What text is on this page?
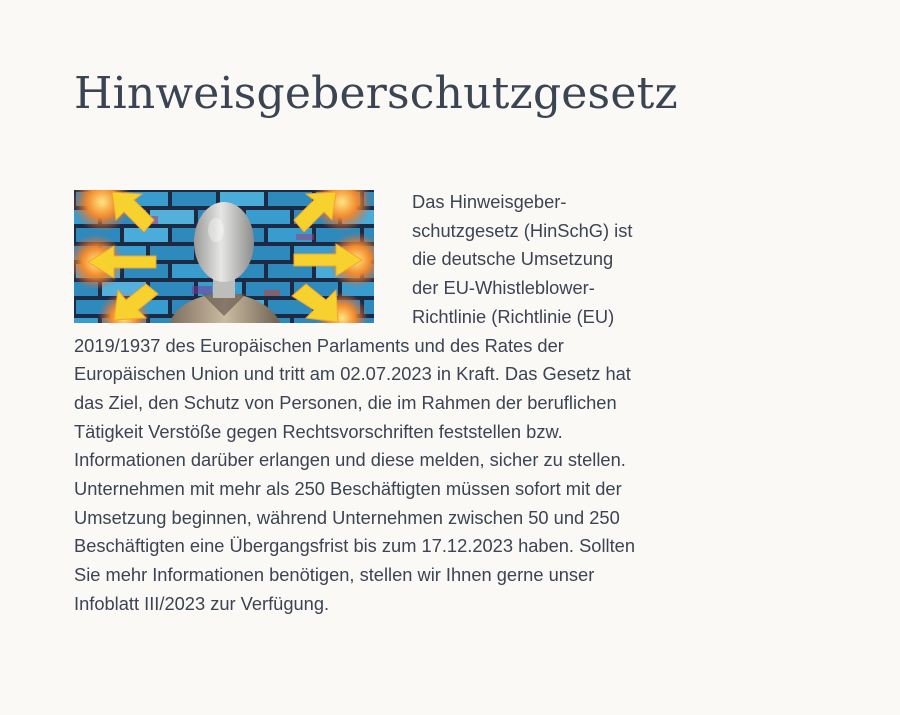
Hinweisgeberschutzgesetz
Das Hinweisgeberschutzgesetz (HinSchG) ist die deutsche Umsetzung der EU-Whistleblower-Richtlinie (Richtlinie (EU) 2019/1937 des Europäischen Parlaments und des Rates der Europäischen Union und tritt am 02.07.2023 in Kraft. Das Gesetz hat das Ziel, den Schutz von Personen, die im Rahmen der beruflichen Tätigkeit Verstöße gegen Rechtsvorschriften feststellen bzw. Informationen darüber erlangen und diese melden, sicher zu stellen. Unternehmen mit mehr als 250 Beschäftigten müssen sofort mit der Umsetzung beginnen, während Unternehmen zwischen 50 und 250 Beschäftigten eine Übergangsfrist bis zum 17.12.2023 haben. Sollten Sie mehr Informationen benötigen, stellen wir Ihnen gerne unser Infoblatt III/2023 zur Verfügung.
